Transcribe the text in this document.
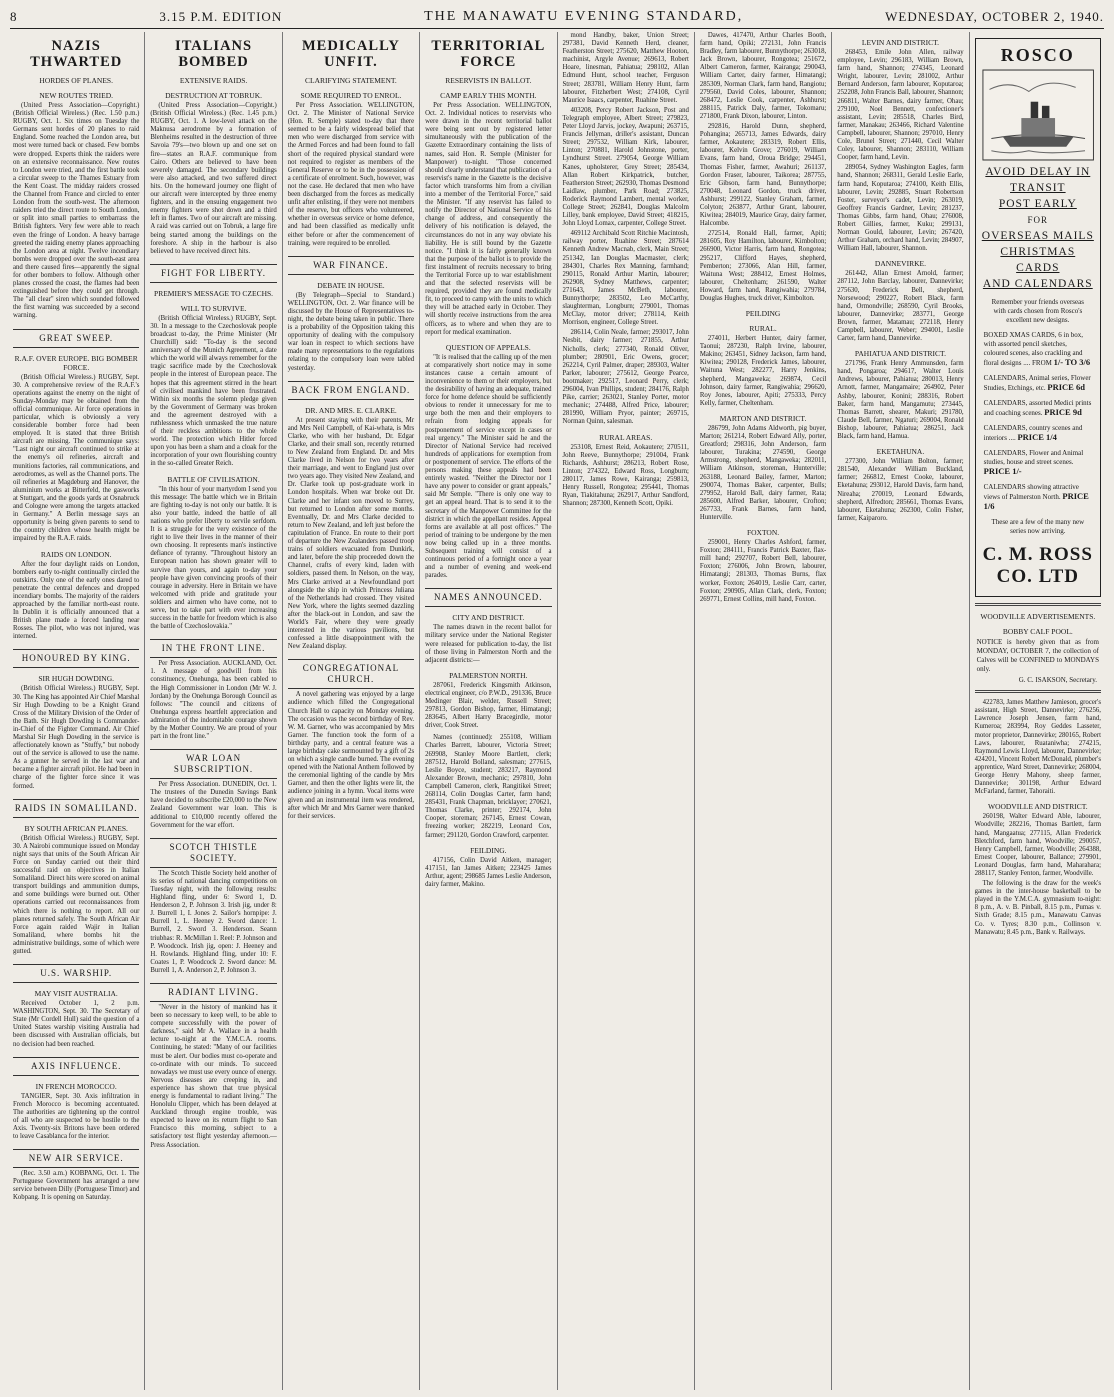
8	3.15 P.M. EDITION	THE MANAWATU EVENING STANDARD,	WEDNESDAY, OCTOBER 2, 1940.
NAZIS THWARTED
HORDES OF PLANES.
NEW ROUTES TRIED.

(United Press Association—Copyright.) (British Official Wireless.) (Rec. 1.50 p.m.) RUGBY, Oct. 1. Six times on Tuesday the Germans sent hordes of 20 planes to raid England. Some reached the London area, but most were turned back or chased. Few bombs were dropped. Experts think the raiders were on an extensive reconnaissance. New routes to London were tried, and the first battle took a circular sweep to the Thames Estuary from the Kent Coast. The midday raiders crossed the Channel from France and circled to enter London from the south-west. The afternoon raiders tried the direct route to South London, or split into small parties to embarrass the British fighters. Very few were able to reach even the fringe of London. A heavy barrage greeted the raiding enemy planes approaching the London area at night. Twelve incendiary bombs were dropped over the south-east area and there caused fires—apparently the signal for other bombers to follow. Although other planes crossed the coast, the flames had been extinguished before they could get through. The "all clear" siren which sounded followed the first warning was succeeded by a second warning.

GREAT SWEEP.
R.A.F. OVER EUROPE. BIG BOMBER FORCE.

(British Official Wireless.) RUGBY, Sept. 30. A comprehensive review of the R.A.F.'s operations against the enemy on the night of Sunday-Monday may be obtained from the official communique. Air force operations in particular, which is obviously a very considerable bomber force had been employed. It is stated that three British aircraft are missing. The communique says: "Last night our aircraft continued to strike at the enemy's oil refineries, aircraft and munitions factories, rail communications, and aerodromes, as well as the Channel ports. The oil refineries at Magdeburg and Hanover, the aluminium works at Bitterfeld, the gasworks at Stuttgart, and the goods yards at Osnabruck and Cologne were among the targets attacked in Germany." A Berlin message says an opportunity is being given parents to send to the country children whose health might be impaired by the R.A.F. raids.

RAIDS ON LONDON.

After the four daylight raids on London, bombers early to-night continually circled the outskirts. Only one of the early ones dared to penetrate the central defences and dropped incendiary bombs. The majority of the raiders approached by the familiar north-east route. In Dublin it is officially announced that a British plane made a forced landing near Rosses. The pilot, who was not injured, was interned.

HONOURED BY KING.
SIR HUGH DOWDING.

(British Official Wireless.) RUGBY, Sept. 30. The King has appointed Air Chief Marshal Sir Hugh Dowding to be a Knight Grand Cross of the Military Division of the Order of the Bath. Sir Hugh Dowding is Commander-in-Chief of the Fighter Command. Air Chief Marshal Sir Hugh Dowding in the service is affectionately known as "Stuffy," but nobody out of the service is allowed to use the name. As a gunner he served in the last war and became a fighter aircraft pilot. He had been in charge of the fighter force since it was formed.

RAIDS IN SOMALILAND.
BY SOUTH AFRICAN PLANES.

(British Official Wireless.) RUGBY, Sept. 30. A Nairobi communique issued on Monday night says that units of the South African Air Force on Sunday carried out their third successful raid on objectives in Italian Somaliland. Direct hits were scored on animal transport buildings and ammunition dumps, and some buildings were burned out. Other operations carried out reconnaissances from which there is nothing to report. All our planes returned safely. The South African Air Force again raided Wajir in Italian Somaliland, where bombs hit the administrative buildings, some of which were gutted.

U.S. WARSHIP.
MAY VISIT AUSTRALIA.

Received October 1, 2 p.m. WASHINGTON, Sept. 30. The Secretary of State (Mr Cordell Hull) said the question of a United States warship visiting Australia had been discussed with Australian officials, but no decision had been reached.

AXIS INFLUENCE.
IN FRENCH MOROCCO.

TANGIER, Sept. 30. Axis infiltration in French Morocco is becoming accentuated. The authorities are tightening up the control of all who are suspected to be hostile to the Axis. Twenty-six Britons have been ordered to leave Casablanca for the interior.

NEW AIR SERVICE.

(Rec. 3.50 a.m.) KOBPANG, Oct. 1. The Portuguese Government has arranged a new service between Dilly (Portuguese Timor) and Kobpang. It is opening on Saturday.

ITALIANS BOMBED
EXTENSIVE RAIDS.
DESTRUCTION AT TOBRUK.

(United Press Association—Copyright.) (British Official Wireless.) (Rec. 1.45 p.m.) RUGBY, Oct. 1. A low-level attack on the Maknusa aerodrome by a formation of Blenheims resulted in the destruction of three Savoia 79's—two blown up and one set on fire—states an R.A.F. communique from Cairo. Others are believed to have been severely damaged. The secondary buildings were also attacked, and two suffered direct hits. On the homeward journey one flight of our aircraft were intercepted by three enemy fighters, and in the ensuing engagement two enemy fighters were shot down and a third left in flames. Two of our aircraft are missing. A raid was carried out on Tobruk, a large fire being started among the buildings on the foreshore. A ship in the harbour is also believed to have received direct hits.

FIGHT FOR LIBERTY.
PREMIER'S MESSAGE TO CZECHS.
WILL TO SURVIVE.

(British Official Wireless.) RUGBY, Sept. 30. In a message to the Czechoslovak people broadcast to-day, the Prime Minister (Mr Churchill) said: "To-day is the second anniversary of the Munich Agreement, a date which the world will always remember for the tragic sacrifice made by the Czechoslovak people in the interest of European peace. The hopes that this agreement stirred in the heart of civilised mankind have been frustrated. Within six months the solemn pledge given by the Government of Germany was broken and the agreement destroyed with a ruthlessness which unmasked the true nature of their reckless ambitions to the whole world. The protection which Hitler forced upon you has been a sham and a cloak for the incorporation of your own flourishing country in the so-called Greater Reich.

BATTLE OF CIVILISATION.

"In this hour of your martyrdom I send you this message: The battle which we in Britain are fighting to-day is not only our battle. It is also your battle, indeed the battle of all nations who prefer liberty to servile serfdom. It is a struggle for the very existence of the right to live their lives in the manner of their own choosing. It represents man's instinctive defiance of tyranny. "Throughout history an European nation has shown greater will to survive than yours, and again to-day your people have given convincing proofs of their courage in adversity. Here in Britain we have welcomed with pride and gratitude your soldiers and airmen who have come, not to serve, but to take part with ever increasing success in the battle for freedom which is also the battle of Czechoslovakia."

IN THE FRONT LINE.

Per Press Association. AUCKLAND, Oct. 1. A message of goodwill from his constituency, Onehunga, has been cabled to the High Commissioner in London (Mr W. J. Jordan) by the Onehunga Borough Council as follows: "The council and citizens of Onehunga express heartfelt appreciation and admiration of the indomitable courage shown by the Mother Country. We are proud of your part in the front line."

WAR LOAN SUBSCRIPTION.

Per Press Association. DUNEDIN, Oct. 1. The trustees of the Dunedin Savings Bank have decided to subscribe £20,000 to the New Zealand Government war loan. This is additional to £10,000 recently offered the Government for the war effort.

SCOTCH THISTLE SOCIETY.

The Scotch Thistle Society held another of its series of national dancing competitions on Tuesday night, with the following results: Highland fling, under 6: Sword 1, D. Henderson 2, P. Johnson 3. Irish jig, under 8: J. Burrell 1, I. Jones 2. Sailor's hornpipe: J. Burrell 1, L. Heeney 2. Sword dance: 1. Burrell, 2. Sword 3. Henderson. Seann triubhas: R. McMillan 1. Reel: P. Johnson and P. Woodcock. Irish jig, open: J. Heeney and H. Rowlands. Highland fling, under 10: F. Coates 1, P. Woodcock 2. Sword dance: M. Burrell 1, A. Anderson 2, P. Johnson 3.

RADIANT LIVING.

"Never in the history of mankind has it been so necessary to keep well, to be able to compete successfully with the power of darkness," said Mr A. Wallace in a health lecture to-night at the Y.M.C.A. rooms. Continuing, he stated: "Many of our facilities must be alert. Our bodies must co-operate and co-ordinate with our minds. To succeed nowadays we must use every ounce of energy. Nervous diseases are creeping in, and experience has shown that true physical energy is fundamental to radiant living." The Honolulu Clipper, which has been delayed at Auckland through engine trouble, was expected to leave on its return flight to San Francisco this morning, subject to a satisfactory test flight yesterday afternoon.—Press Association.

MEDICALLY UNFIT.
CLARIFYING STATEMENT.
SOME REQUIRED TO ENROL.

Per Press Association. WELLINGTON, Oct. 2. The Minister of National Service (Hon. R. Semple) stated to-day that there seemed to be a fairly widespread belief that men who were discharged from service with the Armed Forces and had been found to fall short of the required physical standard were not required to register as members of the General Reserve or to be in the possession of a certificate of enrolment. Such, however, was not the case. He declared that men who have been discharged from the forces as medically unfit after enlisting, if they were not members of the reserve, but officers who volunteered, whether in overseas service or home defence, and had been classified as medically unfit either before or after the commencement of training, were required to be enrolled.

WAR FINANCE.
DEBATE IN HOUSE.

(By Telegraph—Special to Standard.) WELLINGTON, Oct. 2. War finance will be discussed by the House of Representatives to-night, the debate being taken in public. There is a probability of the Opposition taking this opportunity of dealing with the compulsory war loan in respect to which sections have made many representations to the regulations relating to the compulsory loan were tabled yesterday.

BACK FROM ENGLAND.
DR. AND MRS. E. CLARKE.

At present staying with their parents, Mr and Mrs Neil Campbell, of Kai-whata, is Mrs Clarke, who with her husband, Dr. Edgar Clarke, and their small son, recently returned to New Zealand from England. Dr. and Mrs Clarke lived in Nelson for two years after their marriage, and went to England just over two years ago. They visited New Zealand, and Dr. Clarke took up post-graduate work in London hospitals. When war broke out Dr. Clarke and her infant son moved to Surrey, but returned to London after some months. Eventually, Dr. and Mrs Clarke decided to return to New Zealand, and left just before the capitulation of France. En route to their port of departure the New Zealanders passed troop trains of soldiers evacuated from Dunkirk, and later, before the ship proceeded down the Channel, crafts of every kind, laden with soldiers, passed them. In Nelson, on the way, Mrs Clarke arrived at a Newfoundland port alongside the ship in which Princess Juliana of the Netherlands had crossed. They visited New York, where the lights seemed dazzling after the black-out in London, and saw the World's Fair, where they were greatly interested in the various pavilions, but confessed a little disappointment with the New Zealand display.

CONGREGATIONAL CHURCH.

A novel gathering was enjoyed by a large audience which filled the Congregational Church Hall to capacity on Monday evening. The occasion was the second birthday of Rev. W. M. Garner, who was accompanied by Mrs Garner. The function took the form of a birthday party, and a central feature was a large birthday cake surmounted by a gift of 2s on which a single candle burned. The evening opened with the National Anthem followed by the ceremonial lighting of the candle by Mrs Garner, and then the other lights were lit, the audience joining in a hymn. Vocal items were given and an instrumental item was rendered, after which Mr and Mrs Garner were thanked for their services.

TERRITORIAL FORCE
RESERVISTS IN BALLOT.
CAMP EARLY THIS MONTH.

Per Press Association. WELLINGTON, Oct. 2. Individual notices to reservists who were drawn in the recent territorial ballot were being sent out by registered letter simultaneously with the publication of the Gazette Extraordinary containing the lists of names, said Hon. R. Semple (Minister for Manpower) to-night. "Those concerned should clearly understand that publication of a reservist's name in the Gazette is the decisive factor which transforms him from a civilian into a member of the Territorial Force," said the Minister. "If any reservist has failed to notify the Director of National Service of his change of address, and consequently the delivery of his notification is delayed, the circumstances do not in any way obviate his liability. He is still bound by the Gazette notice. "I think it is fairly generally known that the purpose of the ballot is to provide the first instalment of recruits necessary to bring the Territorial Force up to war establishment and that the selected reservists will be required, provided they are found medically fit, to proceed to camp with the units to which they will be attached early in October. They will shortly receive instructions from the area officers, as to where and when they are to report for medical examination.

QUESTION OF APPEALS.

"It is realised that the calling up of the men at comparatively short notice may in some instances cause a certain amount of inconvenience to them or their employers, but the desirability of having an adequate, trained force for home defence should be sufficiently obvious to render it unnecessary for me to urge both the men and their employers to refrain from lodging appeals for postponement of service except in cases or real urgency." The Minister said he and the Director of National Service had received hundreds of applications for exemption from or postponement of service. The efforts of the persons making these appeals had been entirely wasted. "Neither the Director nor I have any power to consider or grant appeals," said Mr Semple. "There is only one way to get an appeal heard. That is to send it to the secretary of the Manpower Committee for the district in which the appellant resides. Appeal forms are available at all post offices." The period of training to be undergone by the men now being called up in a three months. Subsequent training will consist of a continuous period of a fortnight once a year and a number of evening and week-end parades.

NAMES ANNOUNCED.
CITY AND DISTRICT.

The names drawn in the recent ballot for military service under the National Register were released for publication to-day, the list of those living in Palmerston North and the adjacent districts:—

PALMERSTON NORTH.

287061, Frederick Kingsmith Atkinson, electrical engineer, c/o P.W.D., 291336, Bruce Medinger Blair, welder, Russell Street; 297813, Gordon Bishop, farmer, Himatangi; 283645, Albert Harry Bracegirdle, motor driver, Cook Street.

Names (continued): 255108, William Charles Barrett, labourer, Victoria Street; 269908, Stanley Moore Bartlett, clerk; 287512, Harold Bolland, salesman; 277615, Leslie Boyce, student; 283217, Raymond Alexander Brown, mechanic; 297810, John Campbell Cameron, clerk, Rangitikei Street; 268114, Colin Douglas Carter, farm hand; 285431, Frank Chapman, bricklayer; 270621, Thomas Clarke, printer; 292174, John Cooper, storeman; 267145, Ernest Cowan, freezing worker; 282219, Leonard Cox, farmer; 291120, Gordon Crawford, carpenter.

FEILDING.

417156, Colin David Aitken, manager; 417151, Ian James Aitken; 223425 James Arthur, agent; 298685 James Leslie Anderson, dairy farmer, Makino.

mond Handby, baker, Union Street; 297381, David Kenneth Herd, cleaner, Featherston Street; 275620, Matthew Hooton, machinist, Argyle Avenue; 269613, Robert Hoare, linesman, Pahiatua; 298102, Allan Edmund Hunt, school teacher, Ferguson Street; 283781, William Henry Hunt, farm labourer, Fitzherbert West; 274108, Cyril Maurice Isaacs, carpenter, Ruahine Street.

403208, Percy Robert Jackson, Post and Telegraph employee, Albert Street; 279823, Peter Lloyd Jarvis, jockey, Awapuni; 263715, Francis Jellyman, driller's assistant, Duncan Street; 297532, William Kirk, labourer, Linton; 270881, Harold Johnstone, porter, Lyndhurst Street. 279054, George William Kanes, upholsterer, Grey Street; 285434, Allan Robert Kirkpatrick, butcher, Featherston Street; 262930, Thomas Desmond Laidlaw, plumber, Park Road; 273825, Roderick Raymond Lambert, mental worker, College Street; 262841, Douglas Malcolm Lilley, bank employee, David Street; 418215, John Lloyd Lomax, carpenter, College Street.

469112 Archibald Scott Ritchie Macintosh, railway porter, Ruahine Street; 287614 Kenneth Andrew Macnab, clerk, Main Street; 251342, Ian Douglas Macmaster, clerk; 284301, Charles Rex Manning, farmhand; 290115, Ronald Arthur Martin, labourer; 262908, Sydney Matthews, carpenter; 271643, James McBeth, labourer, Bunnythorpe; 283502, Leo McCarthy, slaughterman, Longburn; 279001, Thomas McClay, motor driver; 278114, Keith Morrison, engineer, College Street.

286114, Colin Neale, farmer; 293017, John Nesbit, dairy farmer; 271855, Arthur Nicholls, clerk; 277340, Ronald Oliver, plumber; 280901, Eric Owens, grocer; 262214, Cyril Palmer, draper; 289303, Walter Parker, labourer; 275612, George Pearce, bootmaker; 292517, Leonard Perry, clerk; 296004, Ivan Phillips, student; 284176, Ralph Pike, carrier; 263021, Stanley Porter, motor mechanic; 274488, Alfred Price, labourer; 281990, William Pryor, painter; 269715, Norman Quinn, salesman.

RURAL AREAS.

253108, Ernest Reid, Aokautere; 270511, John Reeve, Bunnythorpe; 291004, Frank Richards, Ashhurst; 286213, Robert Rose, Linton; 274322, Edward Ross, Longburn; 280117, James Rowe, Kairanga; 259813, Henry Russell, Rongotea; 295441, Thomas Ryan, Tiakitahuna; 262917, Arthur Sandford, Shannon; 287300, Kenneth Scott, Opiki.

Dawes, 417470, Arthur Charles Booth, farm hand, Opiki; 272131, John Francis Bradley, farm labourer, Bunnythorpe; 263018, Jack Brown, labourer, Rongotea; 251672, Albert Cameron, farmer, Kairanga; 290043, William Carter, dairy farmer, Himatangi; 285309, Norman Clark, farm hand, Rangiotu; 279560, David Coles, labourer, Shannon; 268472, Leslie Cook, carpenter, Ashhurst; 288115, Patrick Daly, farmer, Tokomaru; 271800, Frank Dixon, labourer, Linton.

292816, Harold Dunn, shepherd, Pohangina; 265713, James Edwards, dairy farmer, Aokautere; 283319, Robert Ellis, labourer, Kelvin Grove; 276019, William Evans, farm hand, Oroua Bridge; 294451, Thomas Fisher, farmer, Awahuri; 261137, Gordon Fraser, labourer, Taikorea; 287755, Eric Gibson, farm hand, Bunnythorpe; 270048, Leonard Gordon, truck driver, Ashhurst; 299122, Stanley Graham, farmer, Colyton; 263877, Arthur Grant, labourer, Kiwitea; 284019, Maurice Gray, dairy farmer, Halcombe.

272514, Ronald Hall, farmer, Apiti; 281605, Roy Hamilton, labourer, Kimbolton; 266900, Victor Harris, farm hand, Rongotea; 295217, Clifford Hayes, shepherd, Pemberton; 273066, Alan Hill, farmer, Waituna West; 288412, Ernest Holmes, labourer, Cheltenham; 261590, Walter Howard, farm hand, Rangiwahia; 279784, Douglas Hughes, truck driver, Kimbolton.

PEILDING
RURAL.

274011, Herbert Hunter, dairy farmer, Taonui; 287230, Ralph Irvine, labourer, Makino; 263451, Sidney Jackson, farm hand, Kiwitea; 290128, Frederick James, labourer, Waituna West; 282277, Harry Jenkins, shepherd, Mangaweka; 269874, Cecil Johnson, dairy farmer, Rangiwahia; 296620, Roy Jones, labourer, Apiti; 275333, Percy Kelly, farmer, Cheltenham.

MARTON AND DISTRICT.

286799, John Adams Aldworth, pig buyer, Marton; 261214, Robert Edward Ally, porter, Greatford; 298316, John Anderson, farm labourer, Turakina; 274590, George Armstrong, shepherd, Mangaweka; 282011, William Atkinson, storeman, Hunterville; 263188, Leonard Bailey, farmer, Marton; 290074, Thomas Baker, carpenter, Bulls; 279952, Harold Ball, dairy farmer, Rata; 285600, Alfred Barker, labourer, Crofton; 267733, Frank Barnes, farm hand, Hunterville.

FOXTON.

259001, Henry Charles Ashford, farmer, Foxton; 284111, Francis Patrick Baxter, flax-mill hand; 292707, Robert Bell, labourer, Foxton; 276006, John Brown, labourer, Himatangi; 281303, Thomas Burns, flax worker, Foxton; 264019, Leslie Carr, carter, Foxton; 290905, Allan Clark, clerk, Foxton; 269771, Ernest Collins, mill hand, Foxton.

LEVIN AND DISTRICT.

268453, Emile John Allen, railway employee, Levin; 296183, William Brown, farm hand, Shannon; 274345, Leonard Wright, labourer, Levin; 281002, Arthur Bernard Anderson, farm labourer, Koputaroa; 252208, John Francis Ball, labourer, Shannon; 266811, Walter Barnes, dairy farmer, Ohau; 279100, Noel Bennett, confectioner's assistant, Levin; 285518, Charles Bird, farmer, Manakau; 263466, Richard Valentine Campbell, labourer, Shannon; 297010, Henry Cole, Brunel Street; 271440, Cecil Walter Coley, labourer, Shannon; 283110, William Cooper, farm hand, Levin.

289054, Sydney Washington Eagles, farm hand, Shannon; 268311, Gerald Leslie Earle, farm hand, Koputaroa; 274100, Keith Ellis, labourer, Levin; 292885, Stuart Robertson Foster, surveyor's cadet, Levin; 263019, Geoffrey Francis Gardner, Levin; 281237, Thomas Gibbs, farm hand, Ohau; 276008, Robert Gillies, farmer, Kuku; 299131, Norman Gould, labourer, Levin; 267420, Arthur Graham, orchard hand, Levin; 284907, William Hall, labourer, Shannon.

DANNEVIRKE.

261442, Allan Ernest Arnold, farmer; 287112, John Barclay, labourer, Dannevirke; 275630, Frederick Bell, shepherd, Norsewood; 290227, Robert Black, farm hand, Ormondville; 268590, Cyril Brooks, labourer, Dannevirke; 283771, George Brown, farmer, Matamau; 272118, Henry Campbell, labourer, Weber; 294001, Leslie Carter, farm hand, Dannevirke.

PAHIATUA AND DISTRICT.

271796, Frank Henry Ammunsden, farm hand, Pongaroa; 294617, Walter Louis Andrews, labourer, Pahiatua; 280013, Henry Arnott, farmer, Mangamaire; 264902, Peter Ashby, labourer, Konini; 288316, Robert Baker, farm hand, Mangamutu; 273445, Thomas Barrett, shearer, Makuri; 291780, Claude Bell, farmer, Ngaturi; 269004, Ronald Bishop, labourer, Pahiatua; 286251, Jack Black, farm hand, Hamua.

EKETAHUNA.

277300, John William Bolton, farmer; 281540, Alexander William Buckland, farmer; 266812, Ernest Cooke, labourer, Eketahuna; 293012, Harold Davis, farm hand, Nireaha; 270019, Leonard Edwards, shepherd, Alfredton; 285661, Thomas Evans, labourer, Eketahuna; 262300, Colin Fisher, farmer, Kaiparoro.

ROSCO
AVOID DELAY IN TRANSIT
POST EARLY
FOR
OVERSEAS MAILS
CHRISTMAS CARDS
AND CALENDARS
Remember your friends overseas with cards chosen from Rosco's excellent new designs.
BOXED XMAS CARDS, 6 in box, with assorted pencil sketches, coloured scenes, also crackling and floral designs .... FROM 1/- TO 3/6
CALENDARS, Animal series, Flower Studies, Etchings, etc. PRICE 6d
CALENDARS, assorted Medici prints and coaching scenes. PRICE 9d
CALENDARS, country scenes and interiors .... PRICE 1/4
CALENDARS, Flower and Animal studies, house and street scenes. PRICE 1/-
CALENDARS showing attractive views of Palmerston North. PRICE 1/6
These are a few of the many new series now arriving.
C. M. ROSS CO. LTD
WOODVILLE ADVERTISEMENTS.
BOBBY CALF POOL.
NOTICE is hereby given that as from MONDAY, OCTOBER 7, the collection of Calves will be CONFINED to MONDAYS only.
G. C. ISAKSON, Secretary.

422783, James Matthew Jamieson, grocer's assistant, High Street, Dannevirke; 276256, Lawrence Joseph Jensen, farm hand, Kumeroa; 283994, Roy Geddes Lasseter, motor proprietor, Dannevirke; 280165, Robert Laws, labourer, Ruataniwha; 274215, Raymond Lewis Lloyd, labourer, Dannevirke; 424201, Vincent Robert McDonald, plumber's apprentice, Ward Street, Dannevirke; 268004, George Henry Mahony, sheep farmer, Dannevirke; 301198, Arthur Edward McFarland, farmer, Tahoraiti.

WOODVILLE AND DISTRICT.

260198, Walter Edward Able, labourer, Woodville; 282216, Thomas Bartlett, farm hand, Mangaatua; 277115, Allan Frederick Bletchford, farm hand, Woodville; 290057, Henry Campbell, farmer, Woodville; 264388, Ernest Cooper, labourer, Ballance; 279901, Leonard Douglas, farm hand, Maharahara; 288117, Stanley Fenton, farmer, Woodville.

The following is the draw for the week's games in the inter-house basketball to be played in the Y.M.C.A. gymnasium to-night: 8 p.m., A. v. B. Pinball, 8.15 p.m., Pumas v. Sixth Grade; 8.15 p.m., Manawatu Canvas Co. v. Tyres; 8.30 p.m., Collinson v. Manawatu; 8.45 p.m., Bank v. Railways.
